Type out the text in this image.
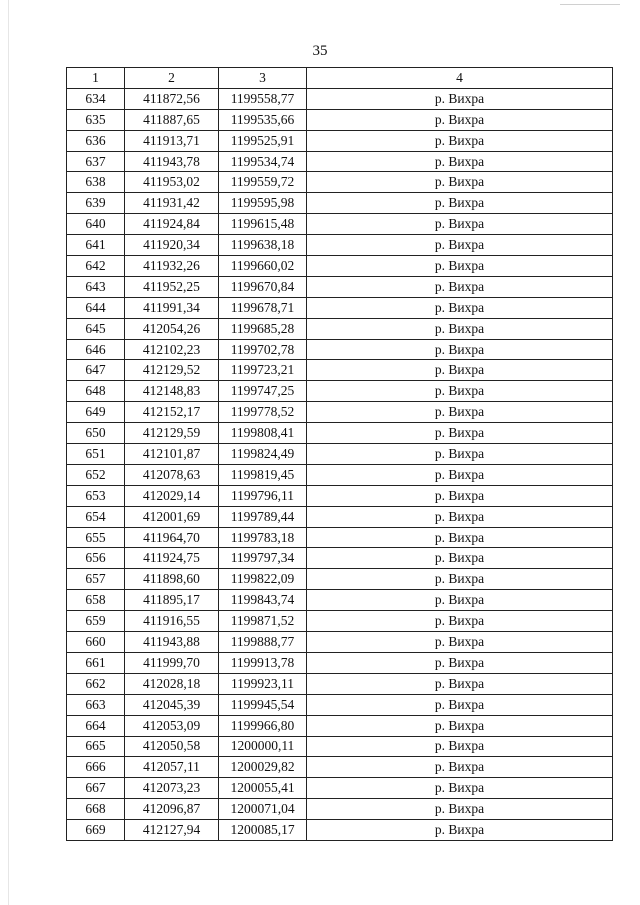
35
1	2	3	4
634	411872,56	1199558,77	р. Вихра
635	411887,65	1199535,66	р. Вихра
636	411913,71	1199525,91	р. Вихра
637	411943,78	1199534,74	р. Вихра
638	411953,02	1199559,72	р. Вихра
639	411931,42	1199595,98	р. Вихра
640	411924,84	1199615,48	р. Вихра
641	411920,34	1199638,18	р. Вихра
642	411932,26	1199660,02	р. Вихра
643	411952,25	1199670,84	р. Вихра
644	411991,34	1199678,71	р. Вихра
645	412054,26	1199685,28	р. Вихра
646	412102,23	1199702,78	р. Вихра
647	412129,52	1199723,21	р. Вихра
648	412148,83	1199747,25	р. Вихра
649	412152,17	1199778,52	р. Вихра
650	412129,59	1199808,41	р. Вихра
651	412101,87	1199824,49	р. Вихра
652	412078,63	1199819,45	р. Вихра
653	412029,14	1199796,11	р. Вихра
654	412001,69	1199789,44	р. Вихра
655	411964,70	1199783,18	р. Вихра
656	411924,75	1199797,34	р. Вихра
657	411898,60	1199822,09	р. Вихра
658	411895,17	1199843,74	р. Вихра
659	411916,55	1199871,52	р. Вихра
660	411943,88	1199888,77	р. Вихра
661	411999,70	1199913,78	р. Вихра
662	412028,18	1199923,11	р. Вихра
663	412045,39	1199945,54	р. Вихра
664	412053,09	1199966,80	р. Вихра
665	412050,58	1200000,11	р. Вихра
666	412057,11	1200029,82	р. Вихра
667	412073,23	1200055,41	р. Вихра
668	412096,87	1200071,04	р. Вихра
669	412127,94	1200085,17	р. Вихра
